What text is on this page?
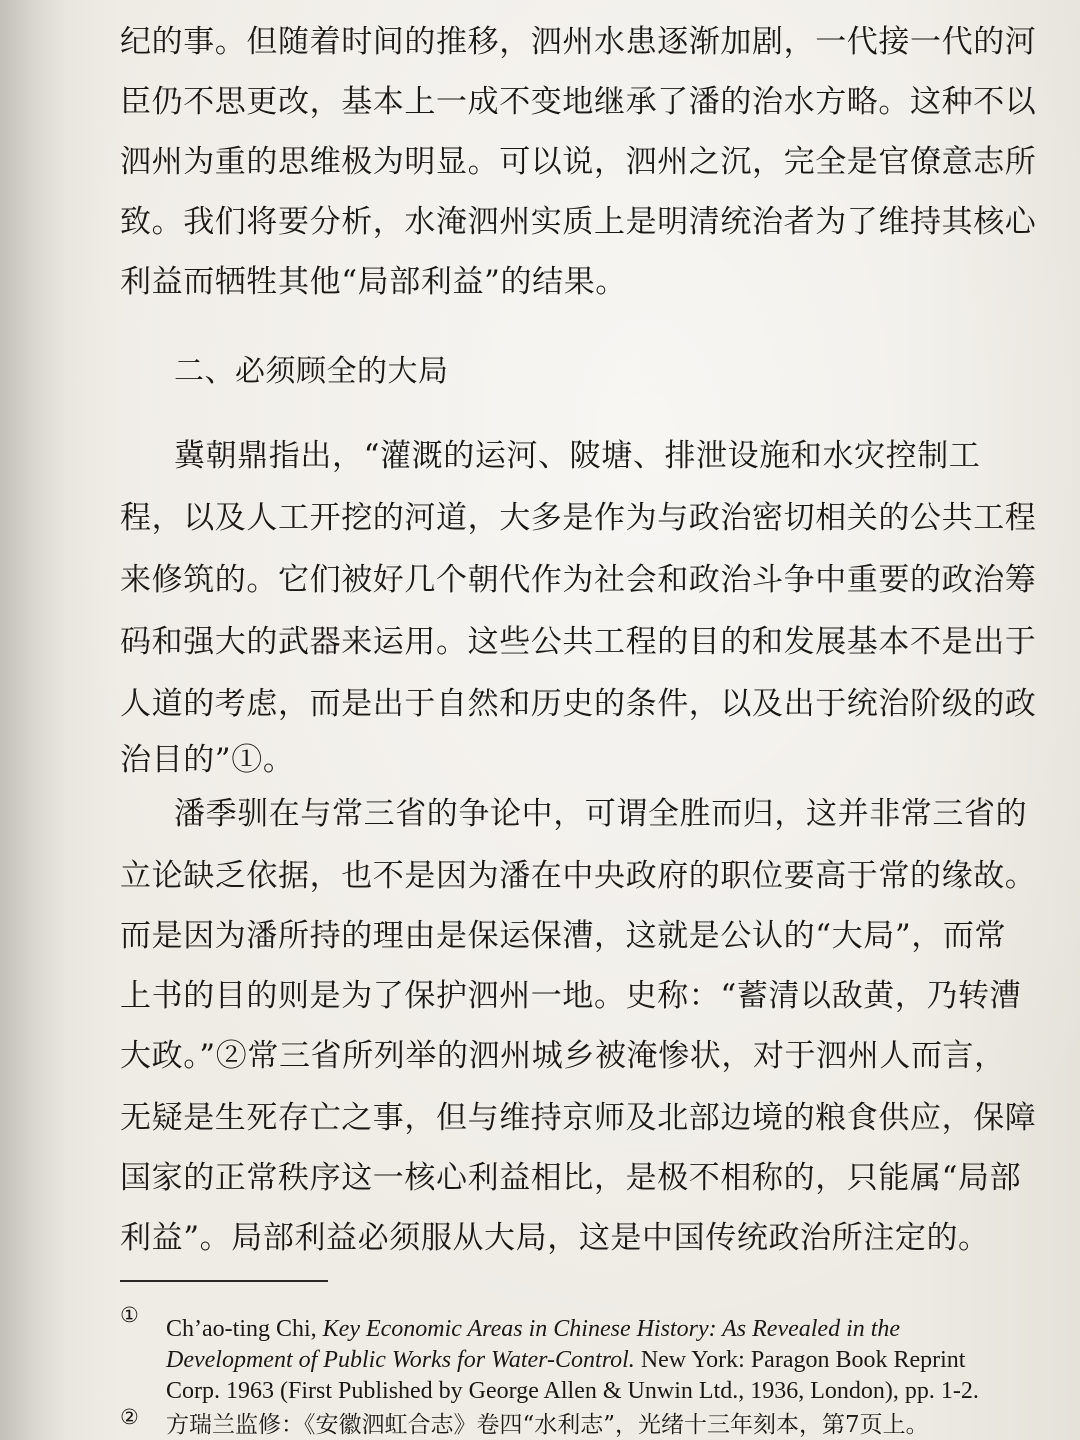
纪的事。但随着时间的推移，泗州水患逐渐加剧，一代接一代的河
臣仍不思更改，基本上一成不变地继承了潘的治水方略。这种不以
泗州为重的思维极为明显。可以说，泗州之沉，完全是官僚意志所
致。我们将要分析，水淹泗州实质上是明清统治者为了维持其核心
利益而牺牲其他“局部利益”的结果。
二、必须顾全的大局
冀朝鼎指出，“灌溉的运河、陂塘、排泄设施和水灾控制工
程，以及人工开挖的河道，大多是作为与政治密切相关的公共工程
来修筑的。它们被好几个朝代作为社会和政治斗争中重要的政治筹
码和强大的武器来运用。这些公共工程的目的和发展基本不是出于
人道的考虑，而是出于自然和历史的条件，以及出于统治阶级的政
治目的”①。
潘季驯在与常三省的争论中，可谓全胜而归，这并非常三省的
立论缺乏依据，也不是因为潘在中央政府的职位要高于常的缘故。
而是因为潘所持的理由是保运保漕，这就是公认的“大局”，而常
上书的目的则是为了保护泗州一地。史称：“蓄清以敌黄，乃转漕
大政。”②常三省所列举的泗州城乡被淹惨状，对于泗州人而言，
无疑是生死存亡之事，但与维持京师及北部边境的粮食供应，保障
国家的正常秩序这一核心利益相比，是极不相称的，只能属“局部
利益”。局部利益必须服从大局，这是中国传统政治所注定的。
①
Ch’ao-ting Chi, Key Economic Areas in Chinese History: As Revealed in the
Development of Public Works for Water-Control. New York: Paragon Book Reprint
Corp. 1963 (First Published by George Allen & Unwin Ltd., 1936, London), pp. 1-2.
② 方瑞兰监修：《安徽泗虹合志》卷四“水利志”，光绪十三年刻本，第7页上。
